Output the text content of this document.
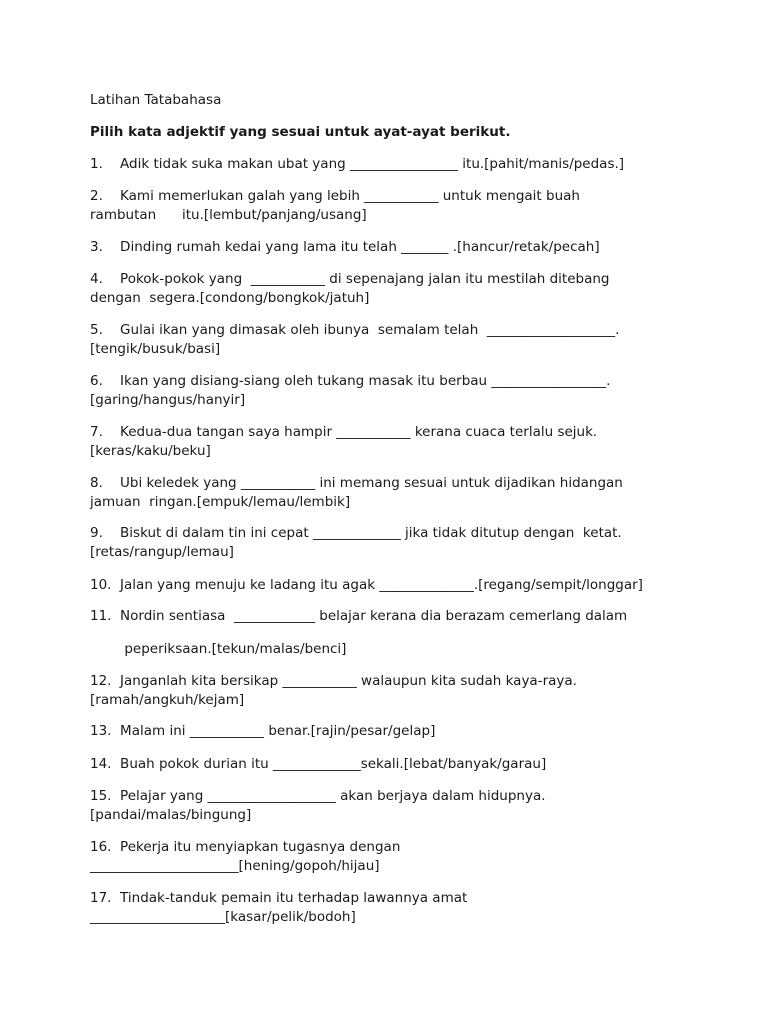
Latihan Tatabahasa
Pilih kata adjektif yang sesuai untuk ayat-ayat berikut.
1.    Adik tidak suka makan ubat yang ________________ itu.[pahit/manis/pedas.]
2.    Kami memerlukan galah yang lebih ___________ untuk mengait buah
rambutan      itu.[lembut/panjang/usang]
3.    Dinding rumah kedai yang lama itu telah _______ .[hancur/retak/pecah]
4.    Pokok-pokok yang  ___________ di sepenajang jalan itu mestilah ditebang
dengan  segera.[condong/bongkok/jatuh]
5.    Gulai ikan yang dimasak oleh ibunya  semalam telah  ___________________.
[tengik/busuk/basi]
6.    Ikan yang disiang-siang oleh tukang masak itu berbau _________________.
[garing/hangus/hanyir]
7.    Kedua-dua tangan saya hampir ___________ kerana cuaca terlalu sejuk.
[keras/kaku/beku]
8.    Ubi keledek yang ___________ ini memang sesuai untuk dijadikan hidangan
jamuan  ringan.[empuk/lemau/lembik]
9.    Biskut di dalam tin ini cepat _____________ jika tidak ditutup dengan  ketat.
[retas/rangup/lemau]
10.  Jalan yang menuju ke ladang itu agak ______________.[regang/sempit/longgar]
11.  Nordin sentiasa  ____________ belajar kerana dia berazam cemerlang dalam
peperiksaan.[tekun/malas/benci]
12.  Janganlah kita bersikap ___________ walaupun kita sudah kaya-raya.
[ramah/angkuh/kejam]
13.  Malam ini ___________ benar.[rajin/pesar/gelap]
14.  Buah pokok durian itu _____________sekali.[lebat/banyak/garau]
15.  Pelajar yang ___________________ akan berjaya dalam hidupnya.
[pandai/malas/bingung]
16.  Pekerja itu menyiapkan tugasnya dengan
______________________[hening/gopoh/hijau]
17.  Tindak-tanduk pemain itu terhadap lawannya amat
____________________[kasar/pelik/bodoh]
